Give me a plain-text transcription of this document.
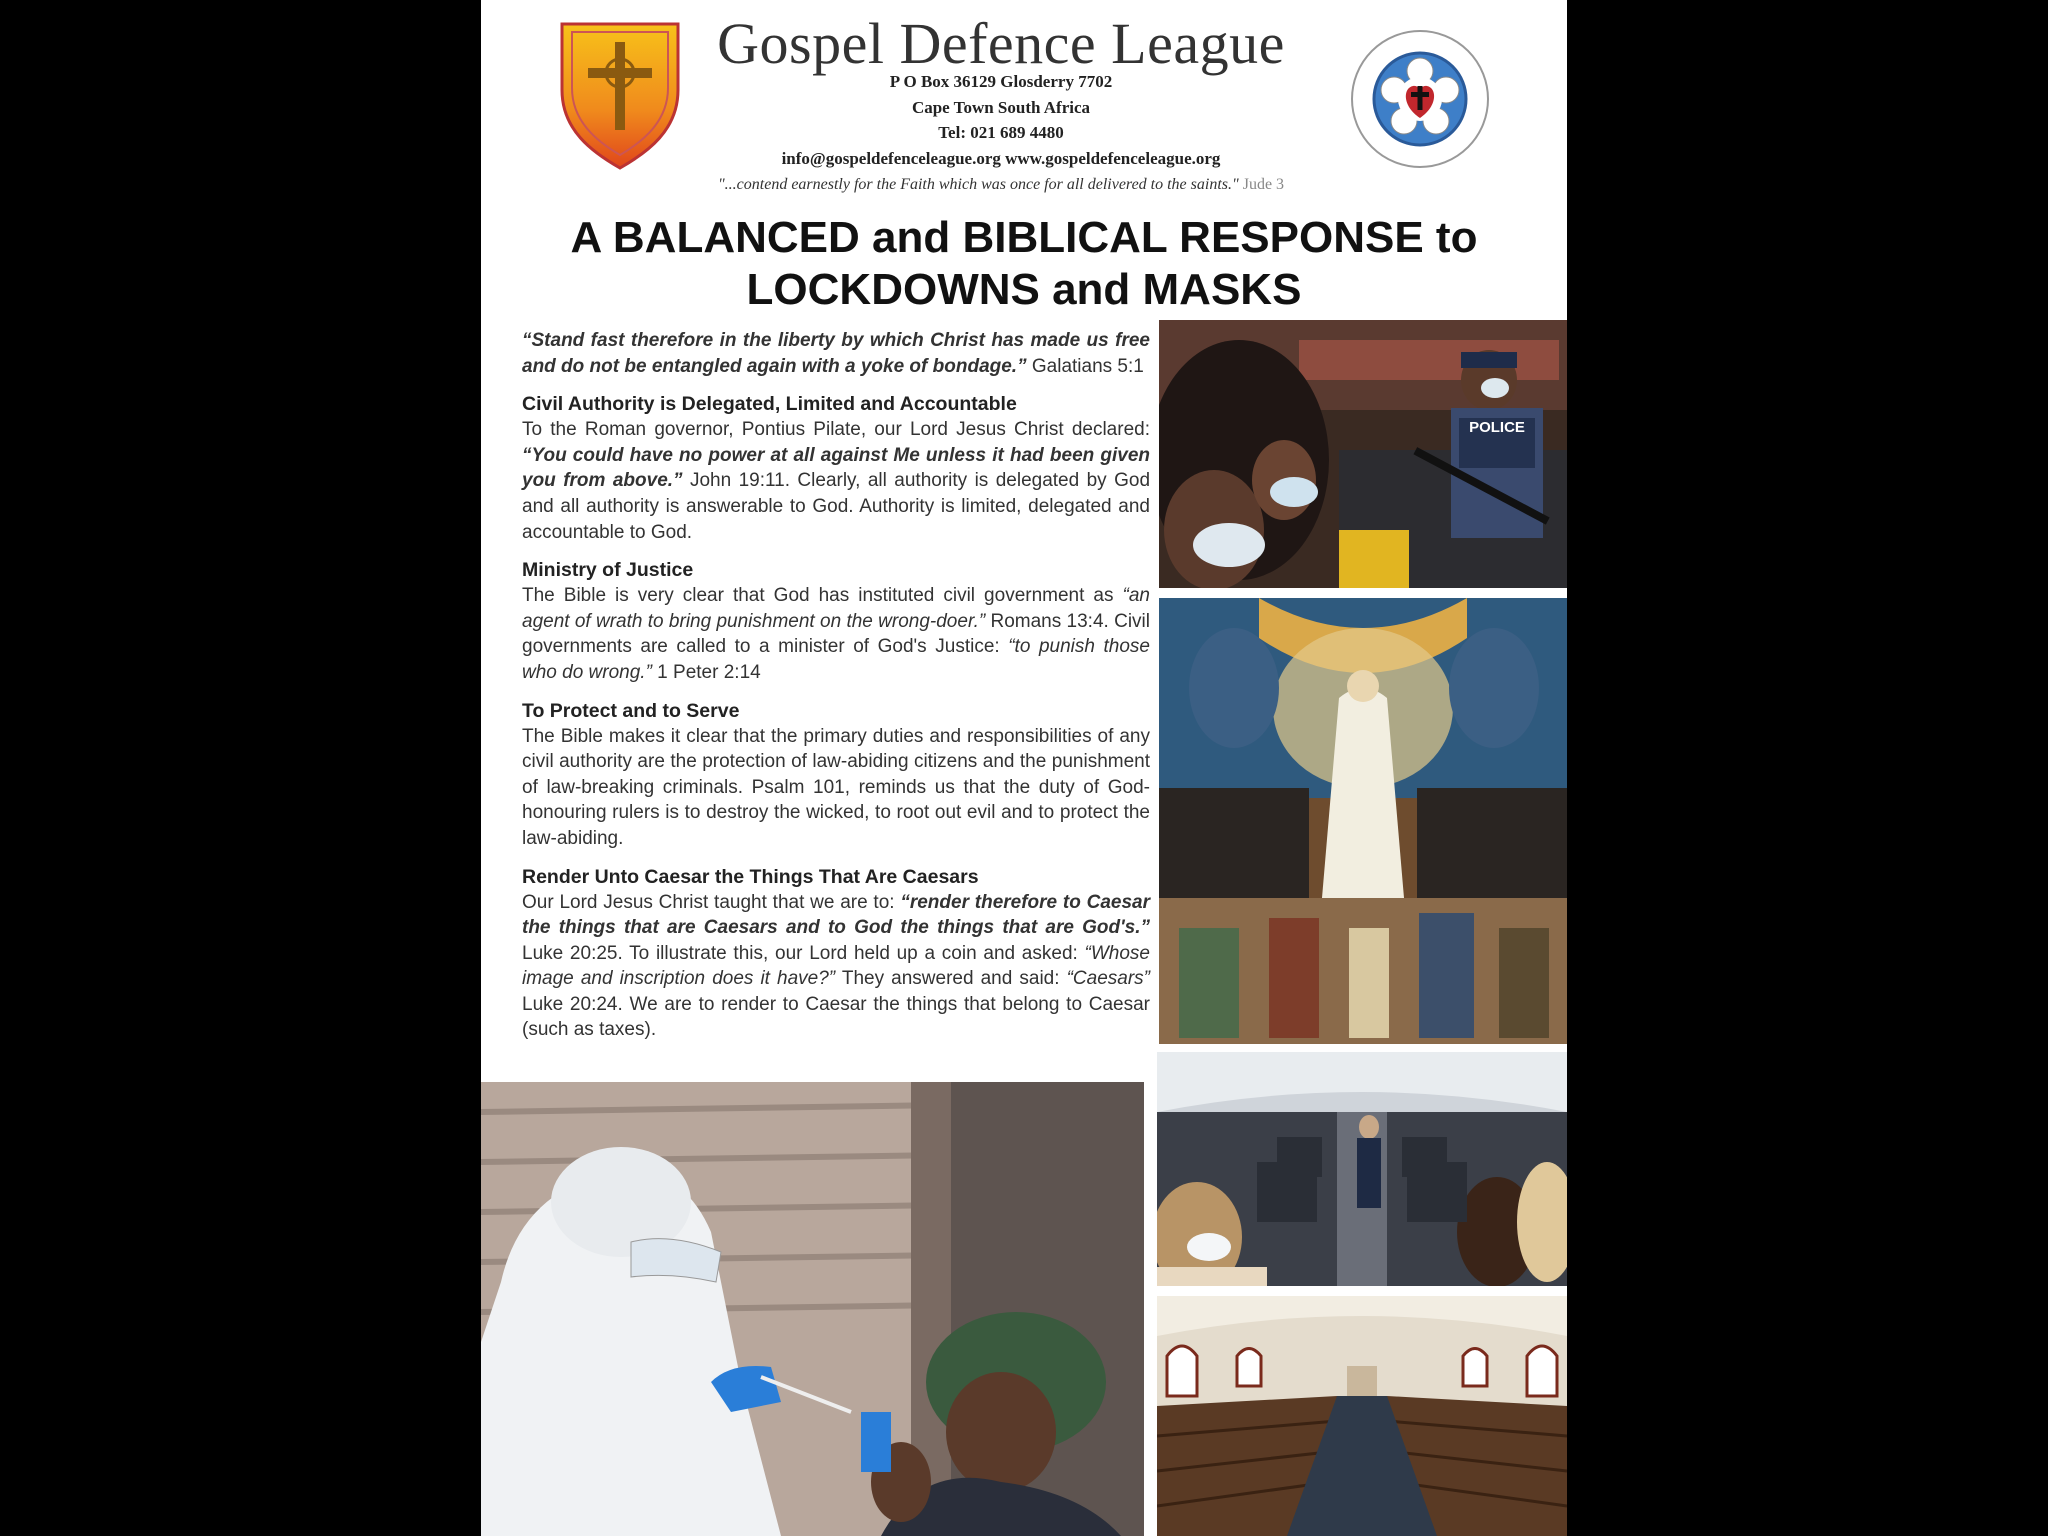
Gospel Defence League
P O Box 36129 Glosderry 7702
Cape Town South Africa
Tel: 021 689 4480
info@gospeldefenceleague.org www.gospeldefenceleague.org
"...contend earnestly for the Faith which was once for all delivered to the saints." Jude 3
A BALANCED and BIBLICAL RESPONSE to
LOCKDOWNS and MASKS

“Stand fast therefore in the liberty by which Christ has made us free and do not be entangled again with a yoke of bondage.” Galatians 5:1

Civil Authority is Delegated, Limited and Accountable

To the Roman governor, Pontius Pilate, our Lord Jesus Christ declared: “You could have no power at all against Me unless it had been given you from above.” John 19:11. Clearly, all authority is delegated by God and all authority is answerable to God. Authority is limited, delegated and accountable to God.

Ministry of Justice

The Bible is very clear that God has instituted civil government as “an agent of wrath to bring punishment on the wrong-doer.” Romans 13:4. Civil governments are called to a minister of God's Justice: “to punish those who do wrong.” 1 Peter 2:14

To Protect and to Serve

The Bible makes it clear that the primary duties and responsibilities of any civil authority are the protection of law-abiding citizens and the punishment of law-breaking criminals. Psalm 101, reminds us that the duty of God-honouring rulers is to destroy the wicked, to root out evil and to protect the law-abiding.

Render Unto Caesar the Things That Are Caesars

Our Lord Jesus Christ taught that we are to: “render therefore to Caesar the things that are Caesars and to God the things that are God's.” Luke 20:25. To illustrate this, our Lord held up a coin and asked: “Whose image and inscription does it have?” They answered and said: “Caesars” Luke 20:24. We are to render to Caesar the things that belong to Caesar (such as taxes).

POLICE
